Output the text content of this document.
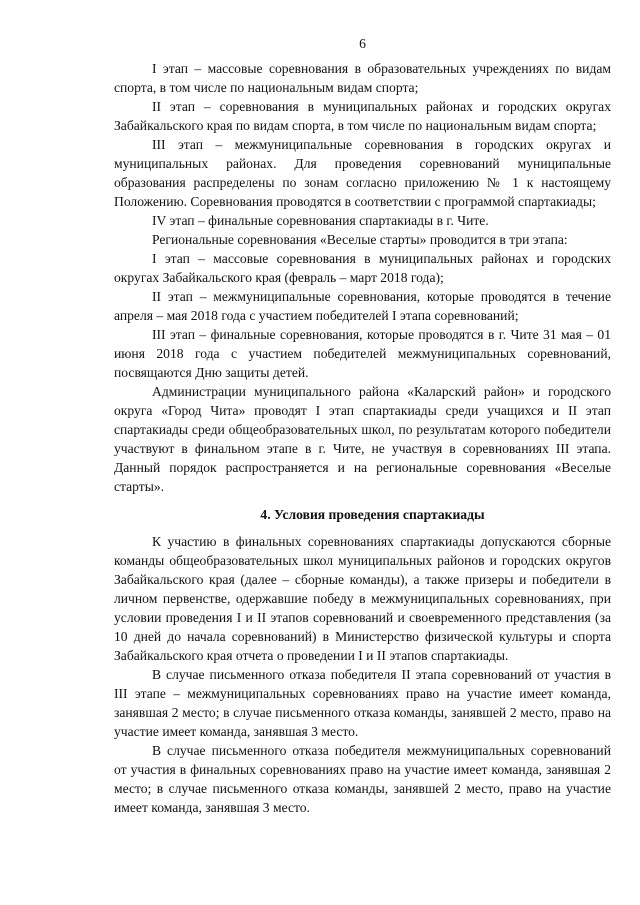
6

I этап – массовые соревнования в образовательных учреждениях по видам спорта, в том числе по национальным видам спорта;

II этап – соревнования в муниципальных районах и городских округах Забайкальского края по видам спорта, в том числе по национальным видам спорта;

III этап – межмуниципальные соревнования в городских округах и муниципальных районах. Для проведения соревнований муниципальные образования распределены по зонам согласно приложению № 1 к настоящему Положению. Соревнования проводятся в соответствии с программой спартакиады;

IV этап – финальные соревнования спартакиады в г. Чите.

Региональные соревнования «Веселые старты» проводится в три этапа:

I этап – массовые соревнования в муниципальных районах и городских округах Забайкальского края (февраль – март 2018 года);

II этап – межмуниципальные соревнования, которые проводятся в течение апреля – мая 2018 года с участием победителей I этапа соревнований;

III этап – финальные соревнования, которые проводятся в г. Чите 31 мая – 01 июня 2018 года с участием победителей межмуниципальных соревнований, посвящаются Дню защиты детей.

Администрации муниципального района «Каларский район» и городского округа «Город Чита» проводят I этап спартакиады среди учащихся и II этап спартакиады среди общеобразовательных школ, по результатам которого победители участвуют в финальном этапе в г. Чите, не участвуя в соревнованиях III этапа. Данный порядок распространяется и на региональные соревнования «Веселые старты».

4. Условия проведения спартакиады

К участию в финальных соревнованиях спартакиады допускаются сборные команды общеобразовательных школ муниципальных районов и городских округов Забайкальского края (далее – сборные команды), а также призеры и победители в личном первенстве, одержавшие победу в межмуниципальных соревнованиях, при условии проведения I и II этапов соревнований и своевременного представления (за 10 дней до начала соревнований) в Министерство физической культуры и спорта Забайкальского края отчета о проведении I и II этапов спартакиады.

В случае письменного отказа победителя II этапа соревнований от участия в III этапе – межмуниципальных соревнованиях право на участие имеет команда, занявшая 2 место; в случае письменного отказа команды, занявшей 2 место, право на участие имеет команда, занявшая 3 место.

В случае письменного отказа победителя межмуниципальных соревнований от участия в финальных соревнованиях право на участие имеет команда, занявшая 2 место; в случае письменного отказа команды, занявшей 2 место, право на участие имеет команда, занявшая 3 место.
